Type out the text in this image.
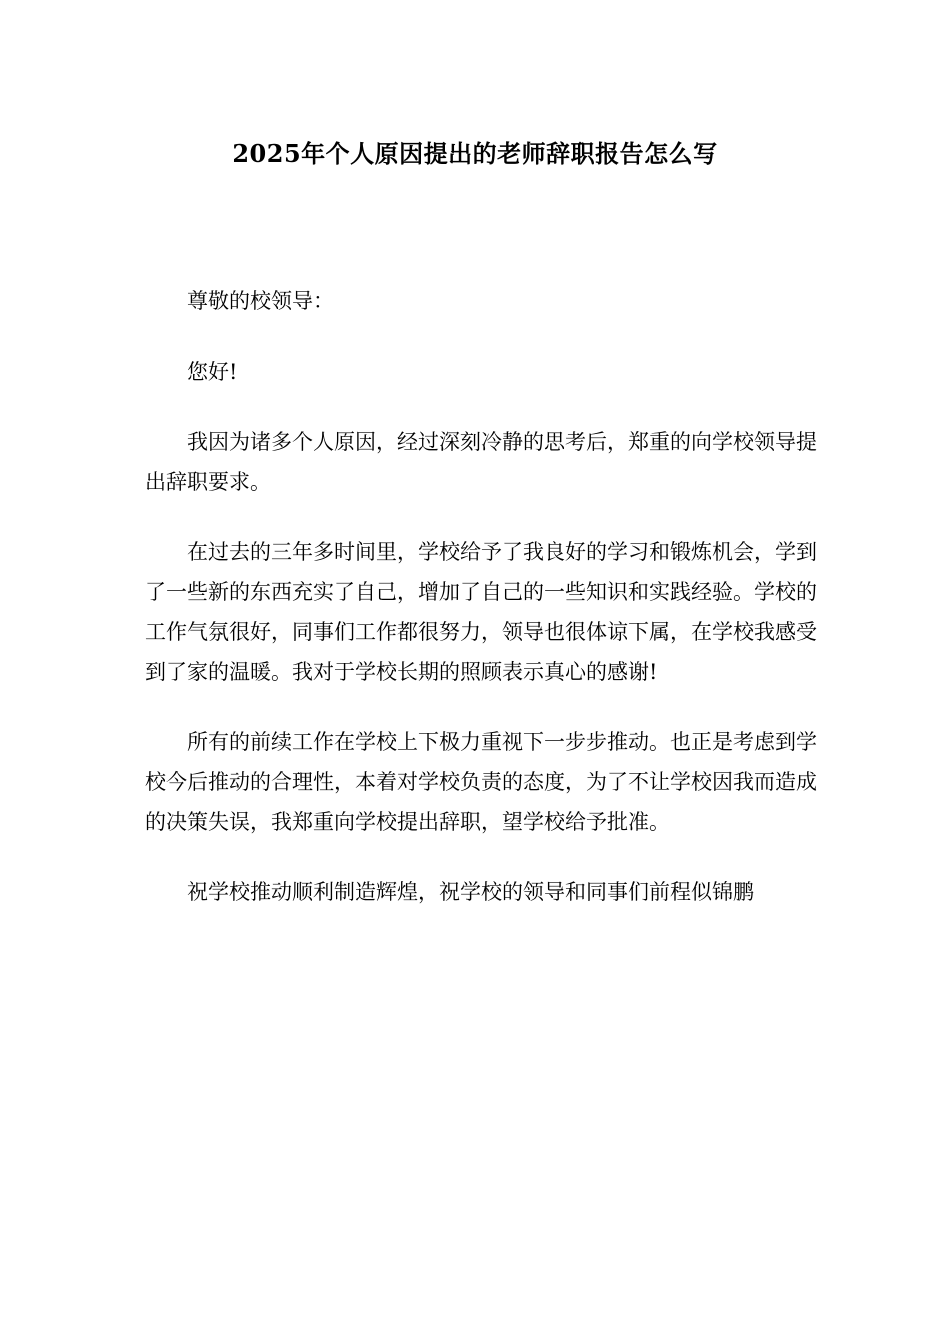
2025年个人原因提出的老师辞职报告怎么写

尊敬的校领导：

您好!

我因为诸多个人原因，经过深刻冷静的思考后，郑重的向学校领导提出辞职要求。

在过去的三年多时间里，学校给予了我良好的学习和锻炼机会，学到了一些新的东西充实了自己，增加了自己的一些知识和实践经验。学校的工作气氛很好，同事们工作都很努力，领导也很体谅下属，在学校我感受到了家的温暖。我对于学校长期的照顾表示真心的感谢!

所有的前续工作在学校上下极力重视下一步步推动。也正是考虑到学校今后推动的合理性，本着对学校负责的态度，为了不让学校因我而造成的决策失误，我郑重向学校提出辞职，望学校给予批准。

祝学校推动顺利制造辉煌，祝学校的领导和同事们前程似锦鹏
